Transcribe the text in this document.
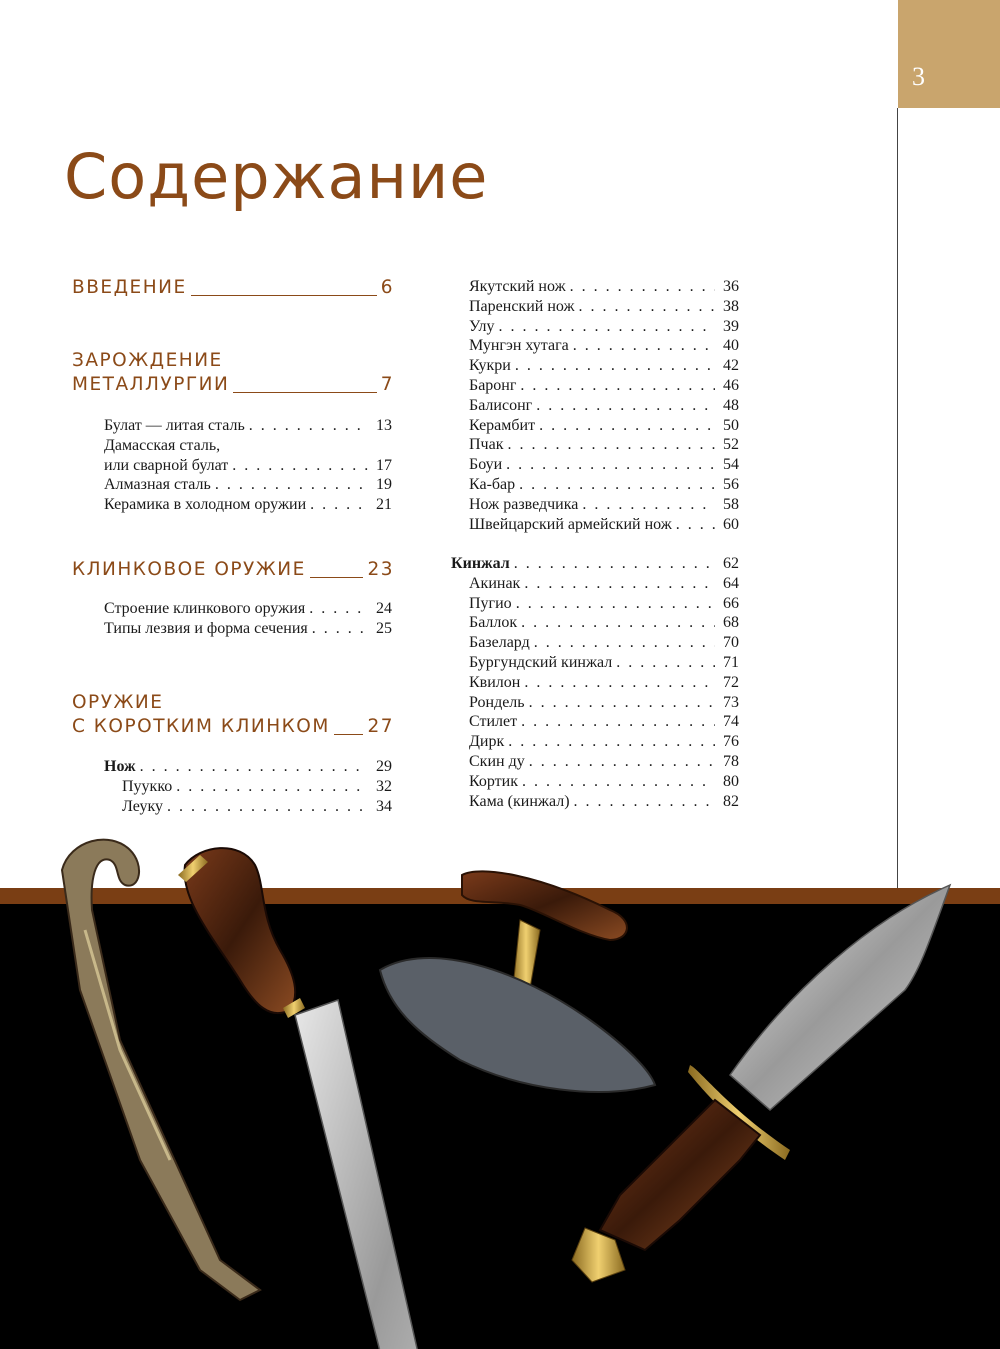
3
Содержание
ВВЕДЕНИЕ	6
ЗАРОЖДЕНИЕ
МЕТАЛЛУРГИИ	7
Булат — литая сталь . . .	13
Дамасская сталь,
или сварной булат . . .	17
Алмазная сталь . . .	19
Керамика в холодном оружии . . .	21
КЛИНКОВОЕ ОРУЖИЕ	23
Строение клинкового оружия . . .	24
Типы лезвия и форма сечения . . .	25
ОРУЖИЕ
С КОРОТКИМ КЛИНКОМ 27
Нож . . .	29
Пуукко . . .	32
Леуку . . .	34
Якутский нож . . .	36
Паренский нож . . .	38
Улу . . .	39
Мунгэн хутага . . .	40
Кукри . . .	42
Баронг . . .	46
Балисонг . . .	48
Керамбит . . .	50
Пчак . . .	52
Боуи . . .	54
Ка-бар . . .	56
Нож разведчика . . .	58
Швейцарский армейский нож . . .	60
Кинжал . . .	62
Акинак . . .	64
Пугио . . .	66
Баллок . . .	68
Базелард . . .	70
Бургундский кинжал . . .	71
Квилон . . .	72
Рондель . . .	73
Стилет . . .	74
Дирк . . .	76
Скин ду . . .	78
Кортик . . .	80
Кама (кинжал) . . .	82
